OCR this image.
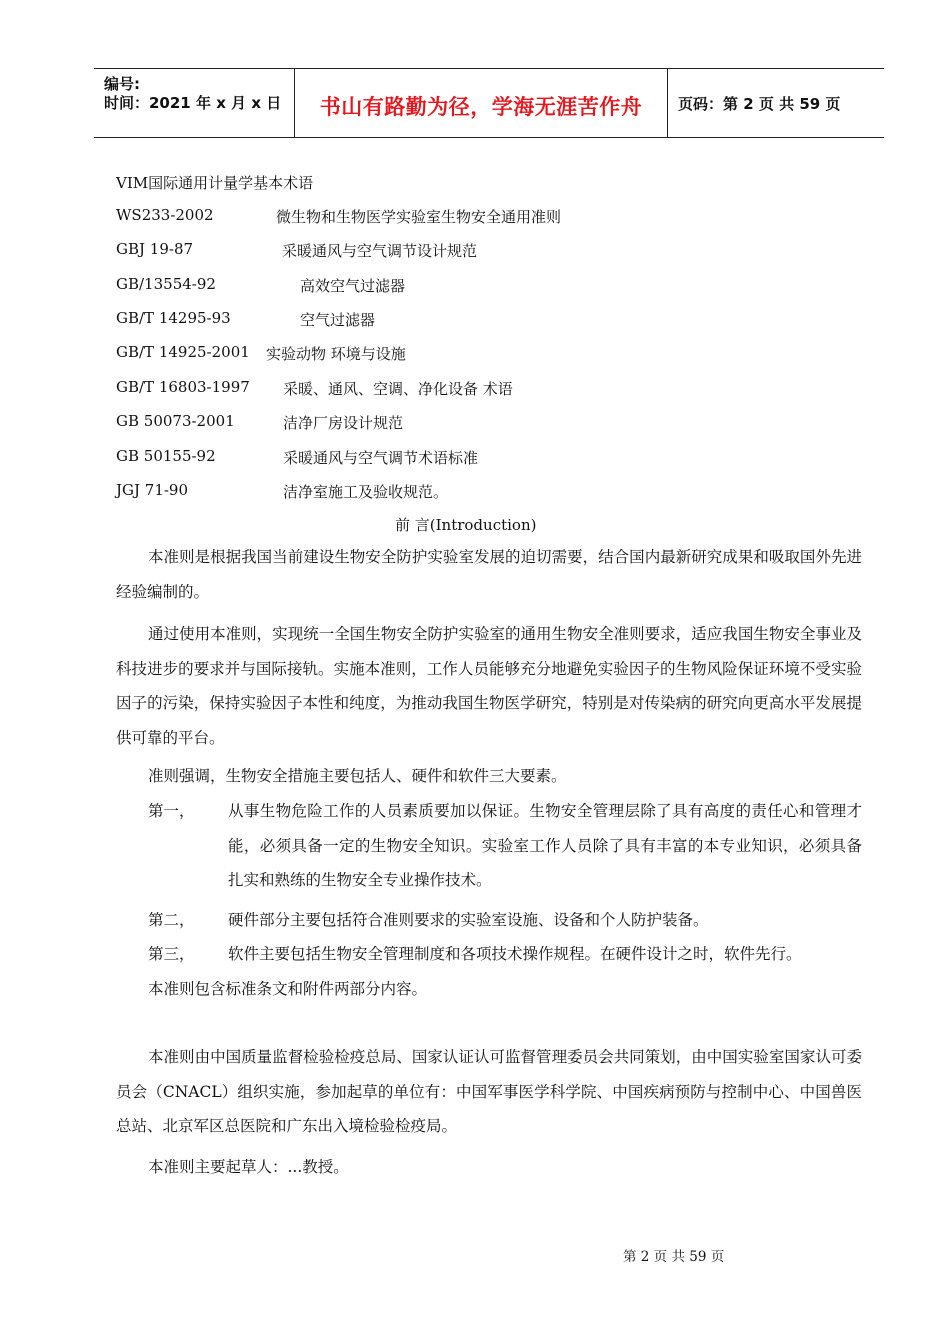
编号:
时间：2021 年 x 月 x 日	书山有路勤为径，学海无涯苦作舟	页码：第 2 页 共 59 页
VIM国际通用计量学基本术语
WS233-2002	微生物和生物医学实验室生物安全通用准则
GBJ 19-87	采暖通风与空气调节设计规范
GB/13554-92	高效空气过滤器
GB/T 14295-93	空气过滤器
GB/T 14925-2001 实验动物 环境与设施
GB/T 16803-1997 采暖、通风、空调、净化设备 术语
GB 50073-2001	洁净厂房设计规范
GB 50155-92	采暖通风与空气调节术语标准
JGJ 71-90	洁净室施工及验收规范。
前 言(Introduction)
本准则是根据我国当前建设生物安全防护实验室发展的迫切需要，结合国内最新研究成果和吸取国外先进经验编制的。
通过使用本准则，实现统一全国生物安全防护实验室的通用生物安全准则要求，适应我国生物安全事业及科技进步的要求并与国际接轨。实施本准则，工作人员能够充分地避免实验因子的生物风险保证环境不受实验因子的污染，保持实验因子本性和纯度，为推动我国生物医学研究，特别是对传染病的研究向更高水平发展提供可靠的平台。
准则强调，生物安全措施主要包括人、硬件和软件三大要素。
第一， 从事生物危险工作的人员素质要加以保证。生物安全管理层除了具有高度的责任心和管理才能，必须具备一定的生物安全知识。实验室工作人员除了具有丰富的本专业知识，必须具备扎实和熟练的生物安全专业操作技术。
第二， 硬件部分主要包括符合准则要求的实验室设施、设备和个人防护装备。
第三， 软件主要包括生物安全管理制度和各项技术操作规程。在硬件设计之时，软件先行。
本准则包含标准条文和附件两部分内容。
本准则由中国质量监督检验检疫总局、国家认证认可监督管理委员会共同策划，由中国实验室国家认可委员会（CNACL）组织实施，参加起草的单位有：中国军事医学科学院、中国疾病预防与控制中心、中国兽医总站、北京军区总医院和广东出入境检验检疫局。
本准则主要起草人：...教授。
第 2 页 共 59 页
